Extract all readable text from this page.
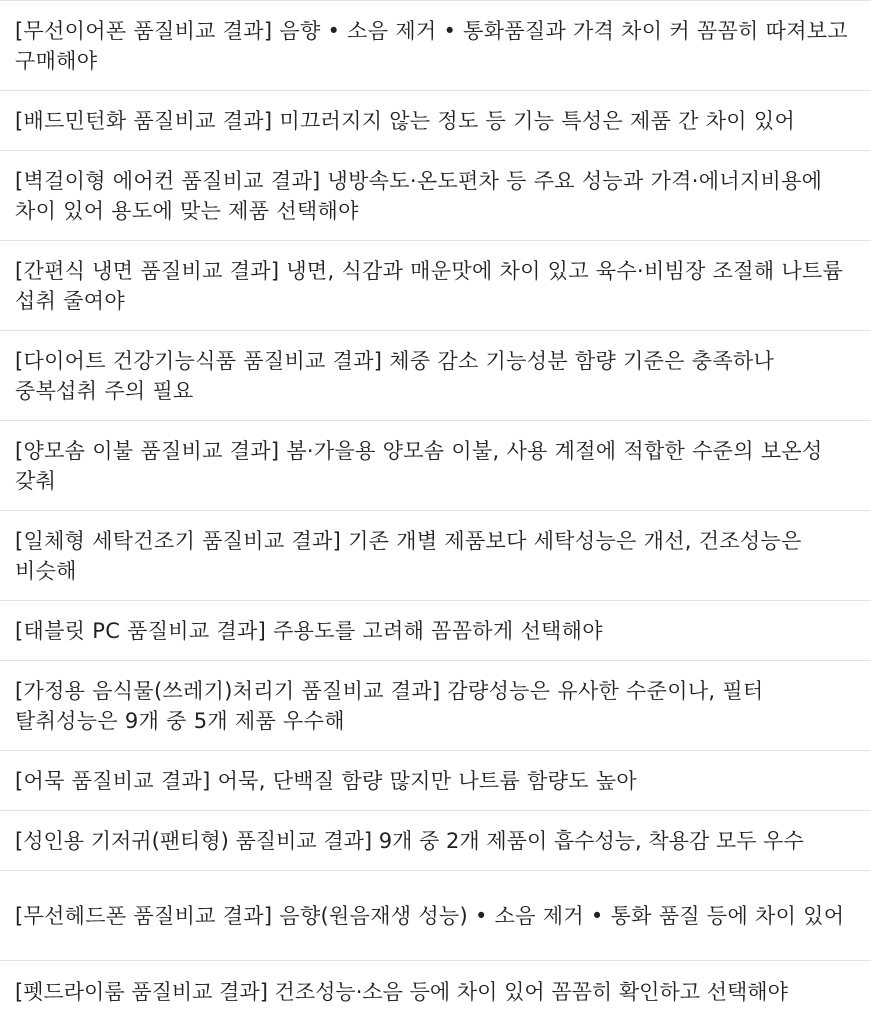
[무선이어폰 품질비교 결과] 음향 • 소음 제거 • 통화품질과 가격 차이 커 꼼꼼히 따져보고 구매해야
[배드민턴화 품질비교 결과] 미끄러지지 않는 정도 등 기능 특성은 제품 간 차이 있어
[벽걸이형 에어컨 품질비교 결과] 냉방속도·온도편차 등 주요 성능과 가격·에너지비용에 차이 있어 용도에 맞는 제품 선택해야
[간편식 냉면 품질비교 결과] 냉면, 식감과 매운맛에 차이 있고 육수·비빔장 조절해 나트륨 섭취 줄여야
[다이어트 건강기능식품 품질비교 결과] 체중 감소 기능성분 함량 기준은 충족하나 중복섭취 주의 필요
[양모솜 이불 품질비교 결과] 봄·가을용 양모솜 이불, 사용 계절에 적합한 수준의 보온성 갖춰
[일체형 세탁건조기 품질비교 결과] 기존 개별 제품보다 세탁성능은 개선, 건조성능은 비슷해
[태블릿 PC 품질비교 결과] 주용도를 고려해 꼼꼼하게 선택해야
[가정용 음식물(쓰레기)처리기 품질비교 결과] 감량성능은 유사한 수준이나, 필터 탈취성능은 9개 중 5개 제품 우수해
[어묵 품질비교 결과] 어묵, 단백질 함량 많지만 나트륨 함량도 높아
[성인용 기저귀(팬티형) 품질비교 결과] 9개 중 2개 제품이 흡수성능, 착용감 모두 우수
[무선헤드폰 품질비교 결과] 음향(원음재생 성능) • 소음 제거 • 통화 품질 등에 차이 있어
[펫드라이룸 품질비교 결과] 건조성능·소음 등에 차이 있어 꼼꼼히 확인하고 선택해야
